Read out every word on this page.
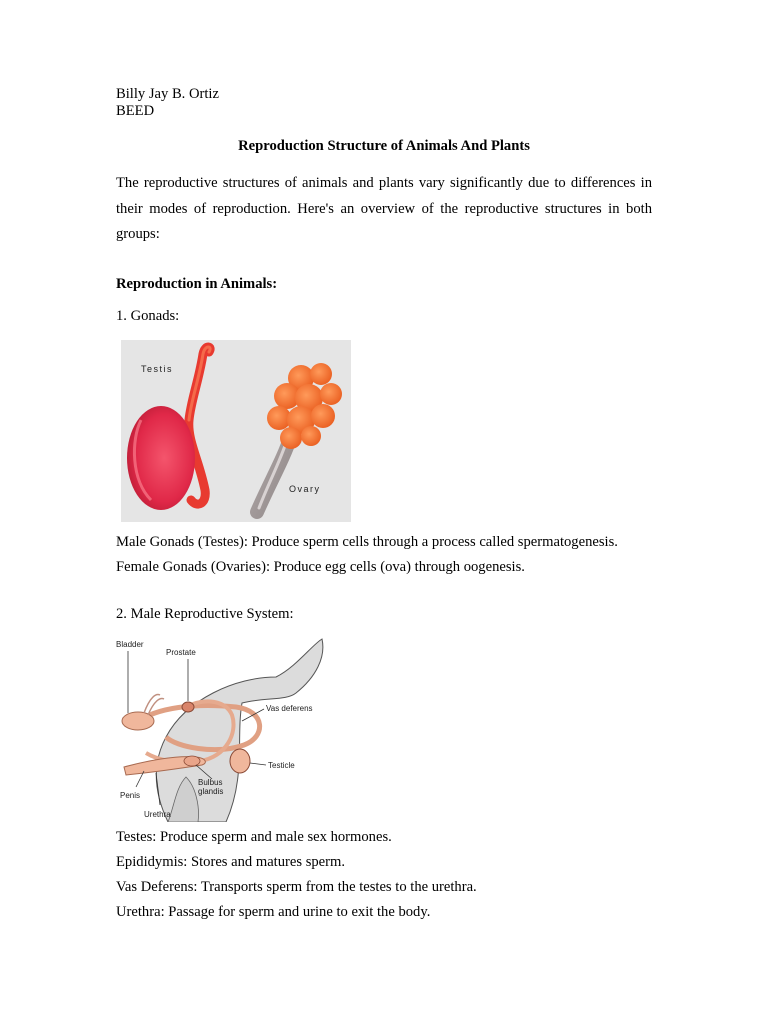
Billy Jay B. Ortiz

BEED

Reproduction Structure of Animals And Plants

The reproductive structures of animals and plants vary significantly due to differences in their modes of reproduction. Here's an overview of the reproductive structures in both groups:

Reproduction in Animals:

1. Gonads:

Testis
Ovary

Male Gonads (Testes): Produce sperm cells through a process called spermatogenesis.

Female Gonads (Ovaries): Produce egg cells (ova) through oogenesis.

2. Male Reproductive System:

Bladder
Prostate
Vas deferens
Testicle
Bulbus
glandis
Penis
Urethra

Testes: Produce sperm and male sex hormones.

Epididymis: Stores and matures sperm.

Vas Deferens: Transports sperm from the testes to the urethra.

Urethra: Passage for sperm and urine to exit the body.
